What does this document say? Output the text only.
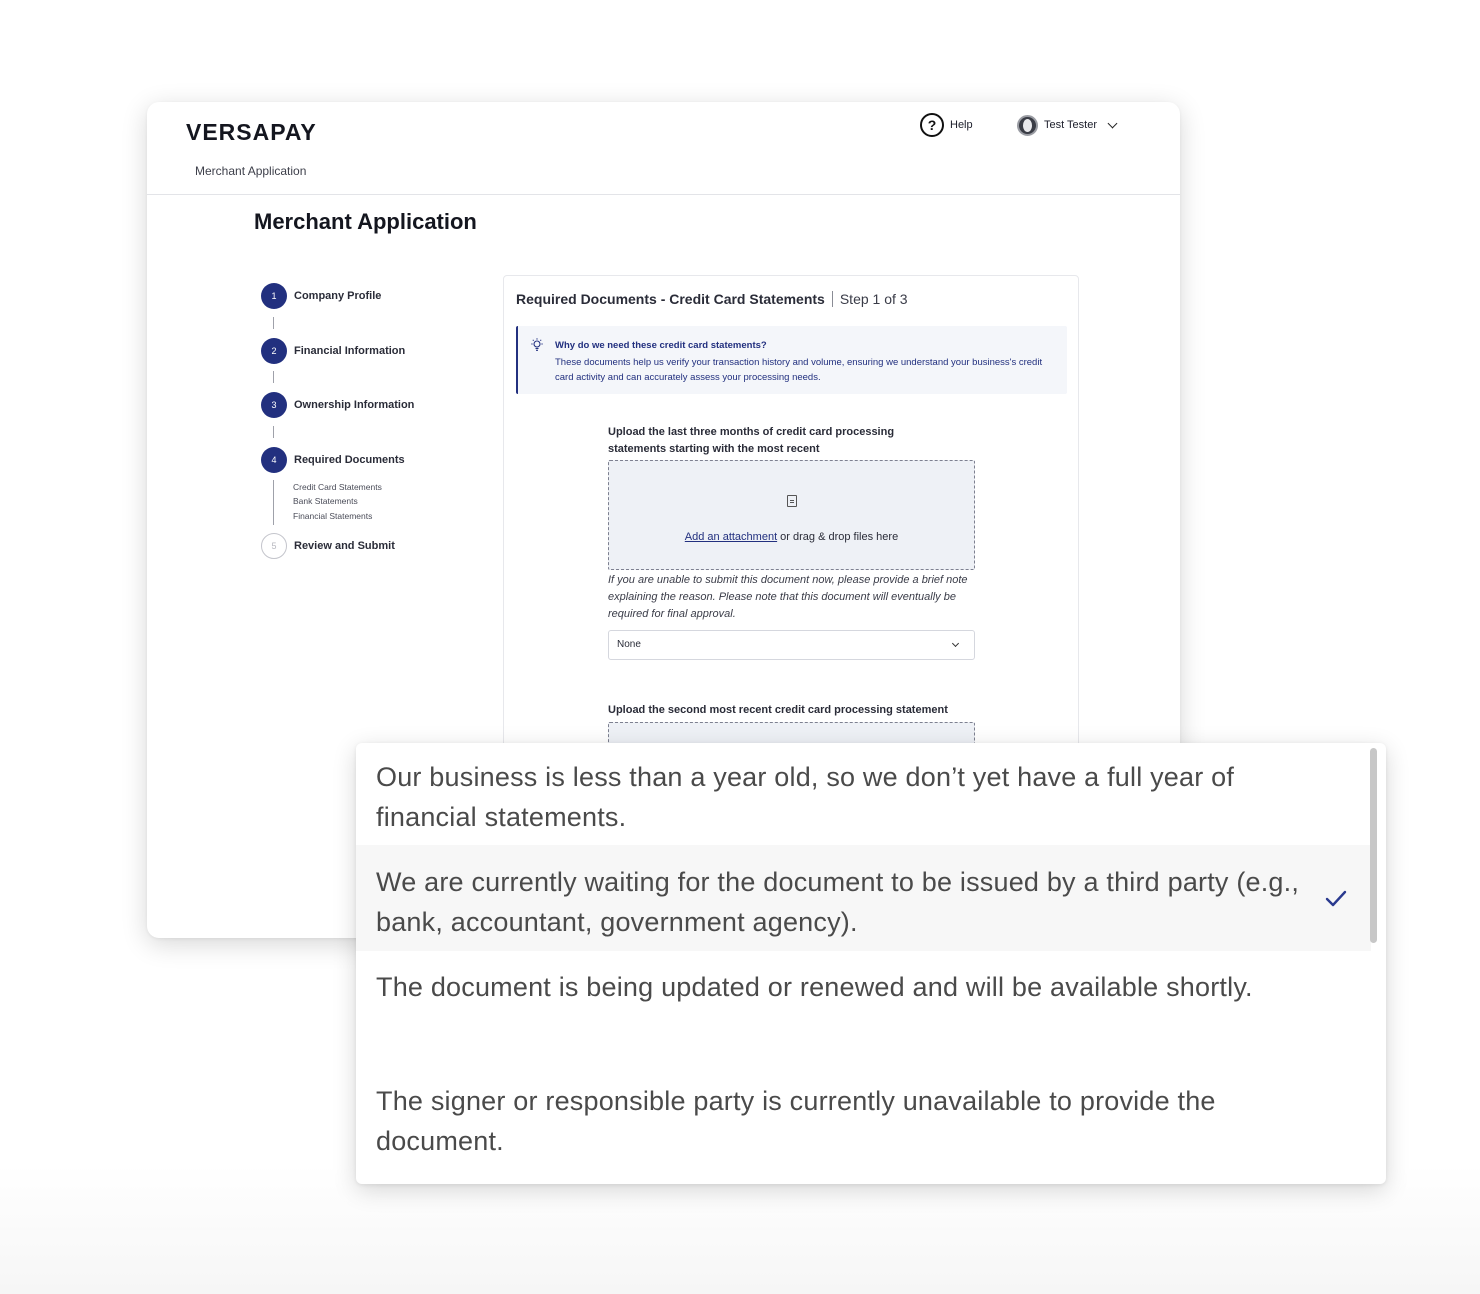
VERSAPAY
Merchant Application
?	Help	Test Tester
Merchant Application
1	Company Profile
2	Financial Information
3	Ownership Information
4	Required Documents
Credit Card Statements
Bank Statements
Financial Statements
5	Review and Submit
Required Documents - Credit Card Statements Step 1 of 3
Why do we need these credit card statements?
These documents help us verify your transaction history and volume, ensuring we understand your business's credit card activity and can accurately assess your processing needs.
Upload the last three months of credit card processing statements starting with the most recent
Add an attachment or drag & drop files here
If you are unable to submit this document now, please provide a brief note explaining the reason. Please note that this document will eventually be required for final approval.
None
Upload the second most recent credit card processing statement
Our business is less than a year old, so we don’t yet have a full year of financial statements.
We are currently waiting for the document to be issued by a third party (e.g., bank, accountant, government agency).
The document is being updated or renewed and will be available shortly.
The signer or responsible party is currently unavailable to provide the document.
